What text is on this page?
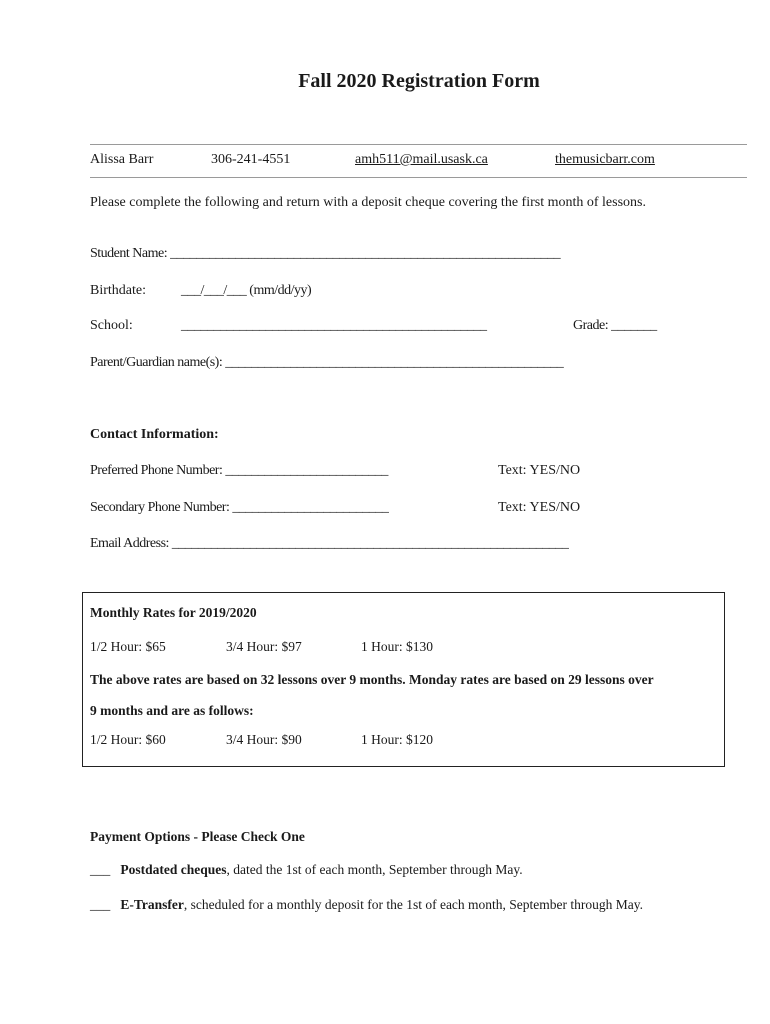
Fall 2020 Registration Form
Alissa Barr	306-241-4551	amh511@mail.usask.ca	themusicbarr.com
Please complete the following and return with a deposit cheque covering the first month of lessons.
Student Name: ____________________________________________________________
Birthdate:	___/___/___ (mm/dd/yy)
School:	_______________________________________________	Grade: _______
Parent/Guardian name(s): ____________________________________________________
Contact Information:
Preferred Phone Number: _________________________	Text: YES/NO
Secondary Phone Number: ________________________	Text: YES/NO
Email Address: _____________________________________________________________
Monthly Rates for 2019/2020
1/2 Hour: $65	3/4 Hour: $97	1 Hour: $130
The above rates are based on 32 lessons over 9 months. Monday rates are based on 29 lessons over
9 months and are as follows:
1/2 Hour: $60	3/4 Hour: $90	1 Hour: $120
Payment Options - Please Check One
___ Postdated cheques, dated the 1st of each month, September through May.
___ E-Transfer, scheduled for a monthly deposit for the 1st of each month, September through May.
